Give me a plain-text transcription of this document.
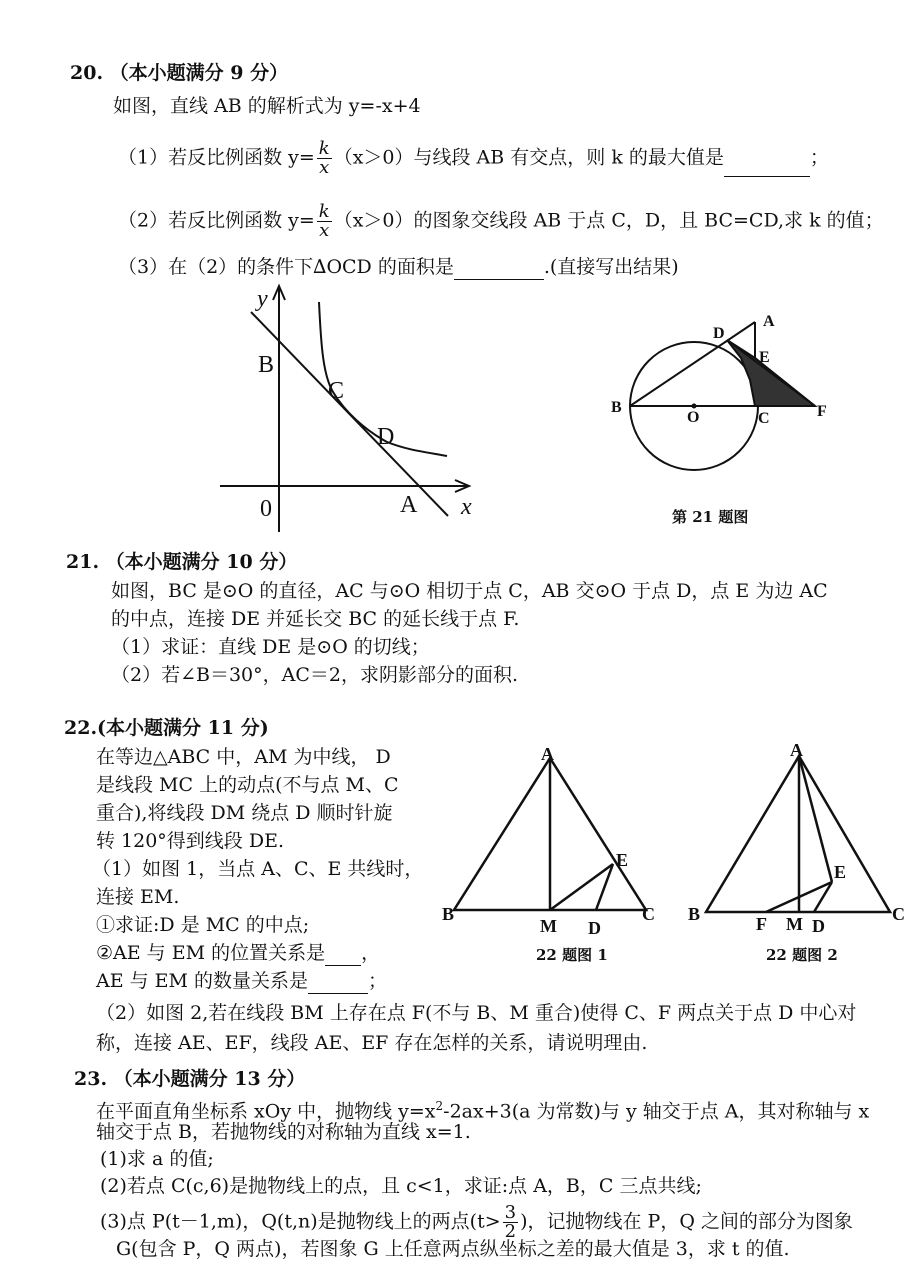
20. （本小题满分 9 分）
如图，直线 AB 的解析式为 y=-x+4
（1）若反比例函数 $y= \frac{k}{x} (x>0)$与线段 AB 有交点，则 k 的最大值是	；
（2）若反比例函数 $y= \frac{k}{x} (x>0)$的图象交线段 AB 于点 C，D，且 BC=CD,求 k 的值；
（3）在（2）的条件下∆OCD 的面积是	.(直接写出结果)
y
B
C
D
0	A x
A
D
E
B
O	C	F
第 21 题图
21. （本小题满分 10 分）
如图，BC 是⊙O 的直径，AC 与⊙O 相切于点 C，AB 交⊙O 于点 D，点 E 为边 AC
的中点，连接 DE 并延长交 BC 的延长线于点 F.
（1）求证：直线 DE 是⊙O 的切线；
（2）若∠B＝30°，AC＝2，求阴影部分的面积.
22.(本小题满分 11 分)
在等边△ABC 中，AM 为中线， D
是线段 MC 上的动点(不与点 M、C
重合),将线段 DM 绕点 D 顺时针旋
转 120°得到线段 DE.
（1）如图 1，当点 A、C、E 共线时，
连接 EM.
①求证:D 是 MC 的中点;
②AE 与 EM 的位置关系是 ，
AE 与 EM 的数量关系是	；
（2）如图 2,若在线段 BM 上存在点 F(不与 B、M 重合)使得 C、F 两点关于点 D 中心对
称，连接 AE、EF，线段 AE、EF 存在怎样的关系，请说明理由.
A
B	C
M D
E
22 题图 1
A
B	C
F M D
E
22 题图 2
23. （本小题满分 13 分）
在平面直角坐标系 xOy 中，抛物线 $y=x^2-2ax+3(a$ 为常数)与 y 轴交于点 A，其对称轴与 x
轴交于点 B，若抛物线的对称轴为直线 x=1.
(1)求 a 的值;
(2)若点 C(c,6)是抛物线上的点，且 c<1，求证:点 A，B，C 三点共线;
(3)点 P(t－1,m)，Q(t,n)是抛物线上的两点($t> \frac{3}{2}$ )，记抛物线在 P，Q 之间的部分为图象
G(包含 P，Q 两点)，若图象 G 上任意两点纵坐标之差的最大值是 3，求 t 的值.
